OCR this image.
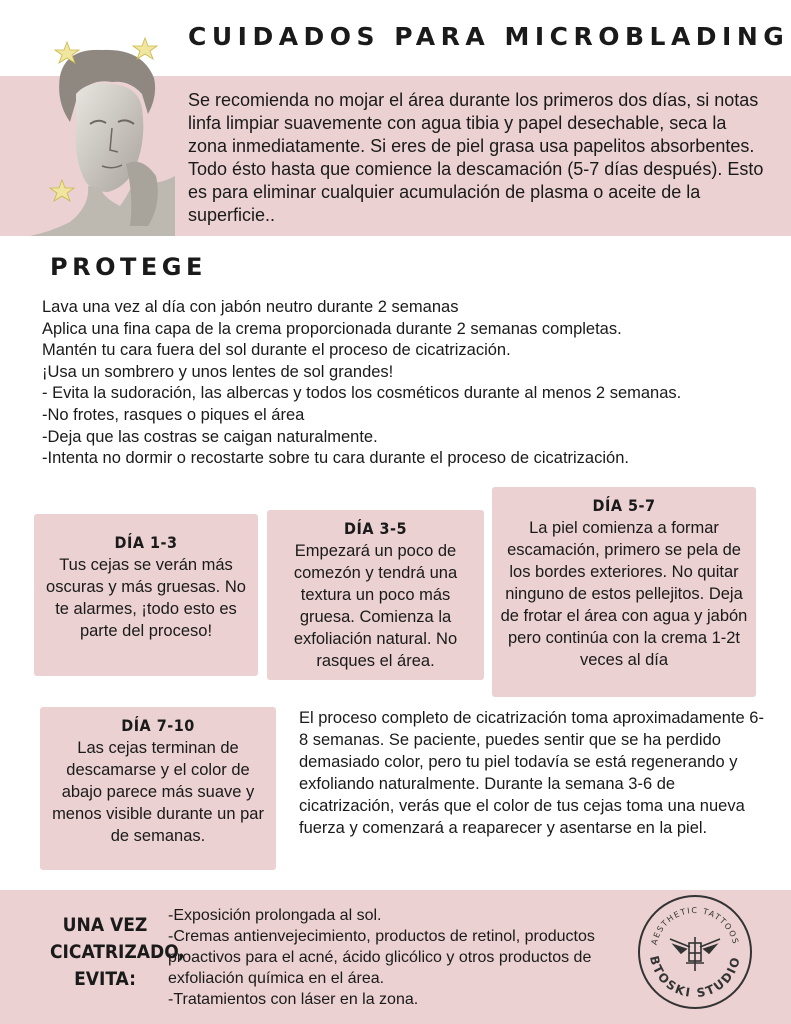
CUIDADOS PARA MICROBLADING
Se recomienda no mojar el área durante los primeros dos días, si notas linfa limpiar suavemente con agua tibia y papel desechable, seca la zona inmediatamente. Si eres de piel grasa usa papelitos absorbentes. Todo ésto hasta que comience la descamación (5-7 días después). Esto es para eliminar cualquier acumulación de plasma o aceite de la superficie..
PROTEGE
Lava una vez al día con jabón neutro durante 2 semanas
Aplica una fina capa de la crema proporcionada durante 2 semanas completas.
Mantén tu cara fuera del sol durante el proceso de cicatrización.
¡Usa un sombrero y unos lentes de sol grandes!
- Evita la sudoración, las albercas y todos los cosméticos durante al menos 2 semanas.
-No frotes, rasques o piques el área
-Deja que las costras se caigan naturalmente.
-Intenta no dormir o recostarte sobre tu cara durante el proceso de cicatrización.
DÍA 1-3
Tus cejas se verán más oscuras y más gruesas. No te alarmes, ¡todo esto es parte del proceso!
DÍA 3-5
Empezará un poco de comezón y tendrá una textura un poco más gruesa. Comienza la exfoliación natural. No rasques el área.
DÍA 5-7
La piel comienza a formar escamación, primero se pela de los bordes exteriores. No quitar ninguno de estos pellejitos. Deja de frotar el área con agua y jabón pero continúa con la crema 1-2t veces al día
DÍA 7-10
Las cejas terminan de descamarse y el color de abajo parece más suave y menos visible durante un par de semanas.
El proceso completo de cicatrización toma aproximadamente 6-8 semanas. Se paciente, puedes sentir que se ha perdido demasiado color, pero tu piel todavía se está regenerando y exfoliando naturalmente. Durante la semana 3-6 de cicatrización, verás que el color de tus cejas toma una nueva fuerza y comenzará a reaparecer y asentarse en la piel.
UNA VEZ
CICATRIZADO,
EVITA:
-Exposición prolongada al sol.
-Cremas antienvejecimiento, productos de retinol, productos proactivos para el acné, ácido glicólico y otros productos de exfoliación química en el área.
-Tratamientos con láser en la zona.
AESTHETIC TATTOOS
BTOSKI STUDIO
